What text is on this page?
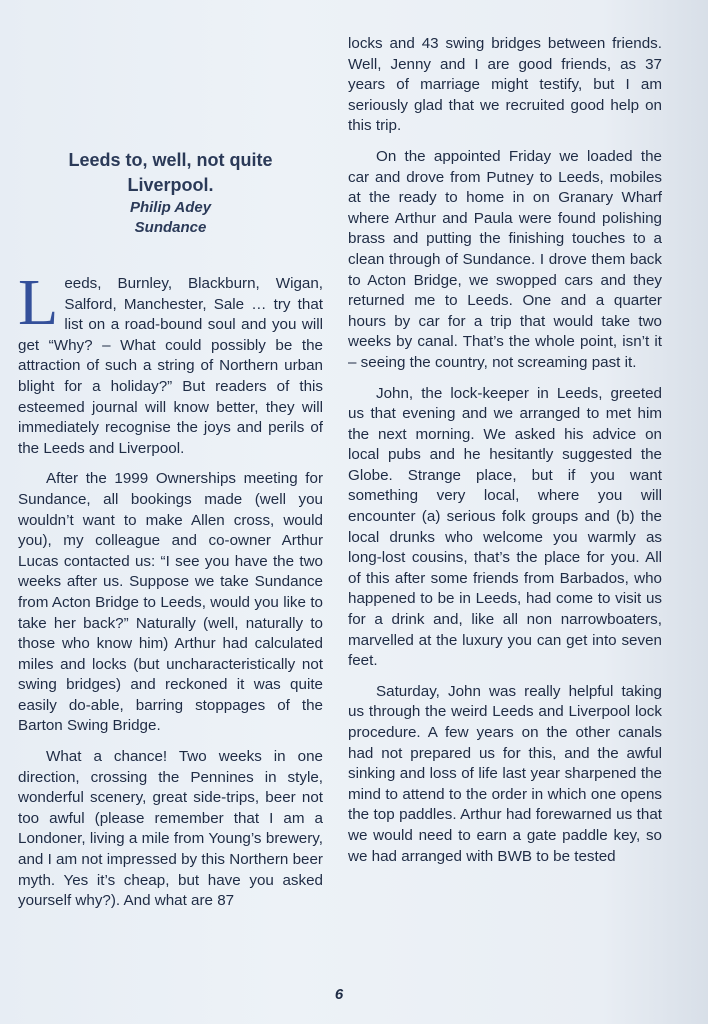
Leeds to, well, not quite
Liverpool.
Philip Adey
Sundance

Leeds, Burnley, Blackburn, Wigan, Salford, Manchester, Sale … try that list on a road-bound soul and you will get “Why? – What could possibly be the attraction of such a string of Northern urban blight for a holiday?” But readers of this esteemed journal will know better, they will immediately recognise the joys and perils of the Leeds and Liverpool.

After the 1999 Ownerships meeting for Sundance, all bookings made (well you wouldn’t want to make Allen cross, would you), my colleague and co-owner Arthur Lucas contacted us: “I see you have the two weeks after us. Suppose we take Sundance from Acton Bridge to Leeds, would you like to take her back?” Naturally (well, naturally to those who know him) Arthur had calculated miles and locks (but uncharacteristically not swing bridges) and reckoned it was quite easily do-able, barring stoppages of the Barton Swing Bridge.

What a chance! Two weeks in one direction, crossing the Pennines in style, wonderful scenery, great side-trips, beer not too awful (please remember that I am a Londoner, living a mile from Young’s brewery, and I am not impressed by this Northern beer myth. Yes it’s cheap, but have you asked yourself why?). And what are 87

locks and 43 swing bridges between friends. Well, Jenny and I are good friends, as 37 years of marriage might testify, but I am seriously glad that we recruited good help on this trip.

On the appointed Friday we loaded the car and drove from Putney to Leeds, mobiles at the ready to home in on Granary Wharf where Arthur and Paula were found polishing brass and putting the finishing touches to a clean through of Sundance. I drove them back to Acton Bridge, we swopped cars and they returned me to Leeds. One and a quarter hours by car for a trip that would take two weeks by canal. That’s the whole point, isn’t it – seeing the country, not screaming past it.

John, the lock-keeper in Leeds, greeted us that evening and we arranged to met him the next morning. We asked his advice on local pubs and he hesitantly suggested the Globe. Strange place, but if you want something very local, where you will encounter (a) serious folk groups and (b) the local drunks who welcome you warmly as long-lost cousins, that’s the place for you. All of this after some friends from Barbados, who happened to be in Leeds, had come to visit us for a drink and, like all non narrowboaters, marvelled at the luxury you can get into seven feet.

Saturday, John was really helpful taking us through the weird Leeds and Liverpool lock procedure. A few years on the other canals had not prepared us for this, and the awful sinking and loss of life last year sharpened the mind to attend to the order in which one opens the top paddles. Arthur had forewarned us that we would need to earn a gate paddle key, so we had arranged with BWB to be tested

6
